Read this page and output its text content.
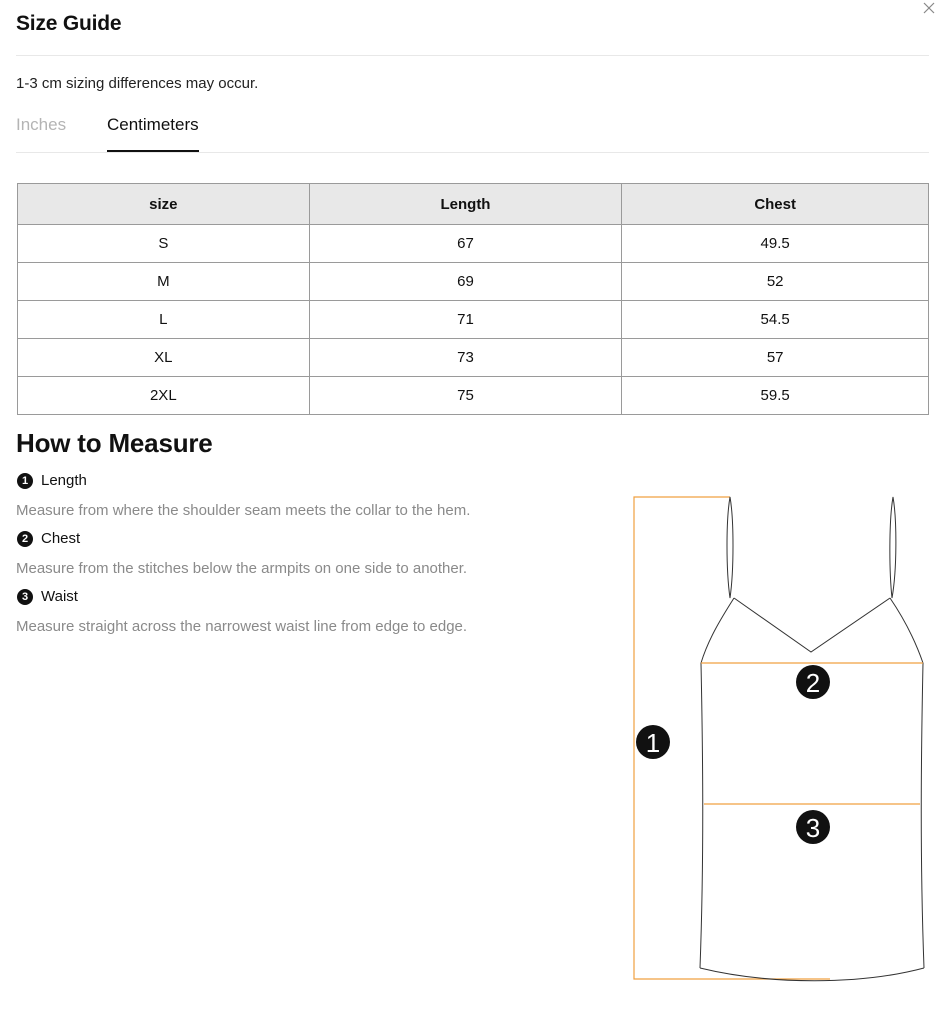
Size Guide
1-3 cm sizing differences may occur.
Inches Centimeters
size	Length	Chest
S	67	49.5
M	69	52
L	71	54.5
XL	73	57
2XL	75	59.5
How to Measure
1 Length
Measure from where the shoulder seam meets the collar to the hem.
2 Chest
Measure from the stitches below the armpits on one side to another.
3 Waist
Measure straight across the narrowest waist line from edge to edge.
1
2
3
